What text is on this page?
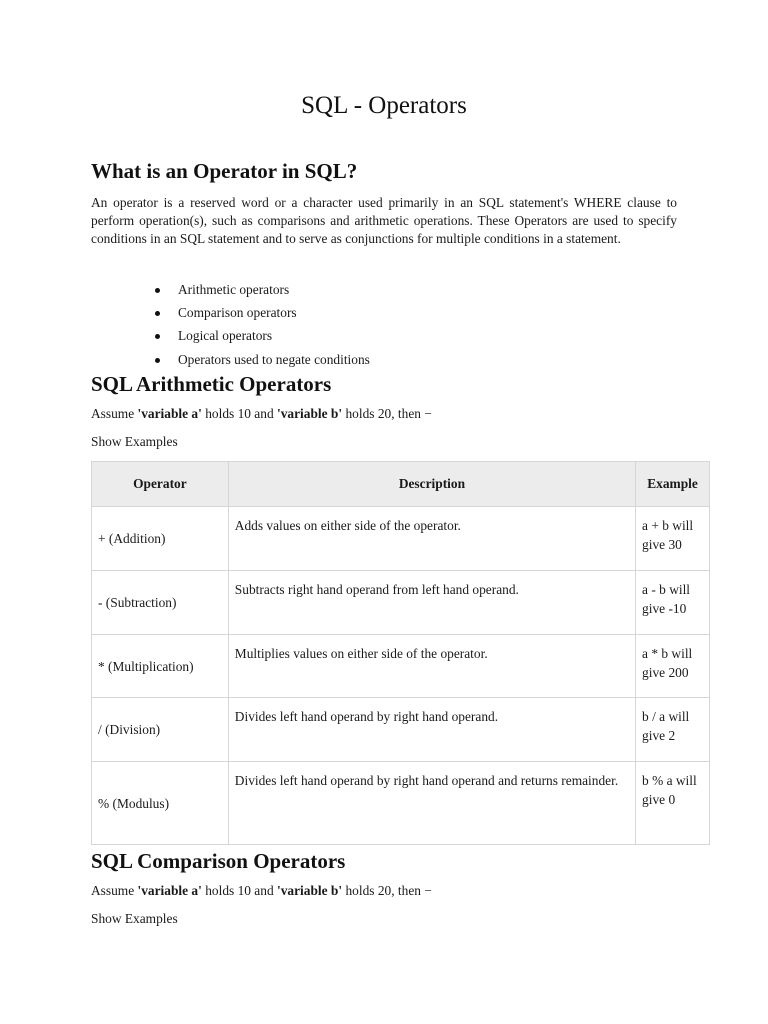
SQL - Operators
What is an Operator in SQL?

An operator is a reserved word or a character used primarily in an SQL statement's WHERE clause to perform operation(s), such as comparisons and arithmetic operations. These Operators are used to specify conditions in an SQL statement and to serve as conjunctions for multiple conditions in a statement.

Arithmetic operators
Comparison operators
Logical operators
Operators used to negate conditions
SQL Arithmetic Operators

Assume 'variable a' holds 10 and 'variable b' holds 20, then −

Show Examples

Operator	Description	Example
+ (Addition)	Adds values on either side of the operator.	a + b will give 30
- (Subtraction)	Subtracts right hand operand from left hand operand.	a - b will give -10
* (Multiplication)	Multiplies values on either side of the operator.	a * b will give 200
/ (Division)	Divides left hand operand by right hand operand.	b / a will give 2
% (Modulus)	Divides left hand operand by right hand operand and returns remainder.	b % a will give 0
SQL Comparison Operators

Assume 'variable a' holds 10 and 'variable b' holds 20, then −

Show Examples
